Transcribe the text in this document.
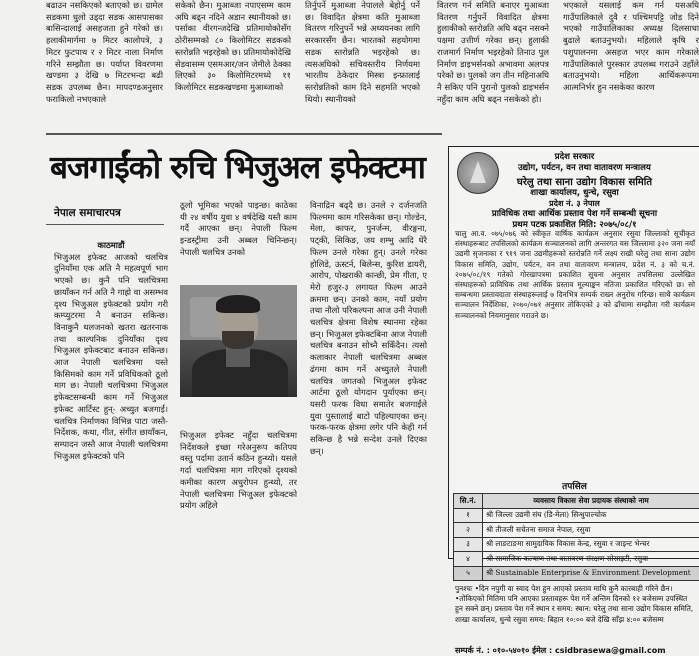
बढाउन नसकिएको बताएको छ। ग्रामेल सडकमा धुलो उड्दा सडक आसपासका बासिन्दालाई असहजता हुने गरेको छ। हलाकीमार्गमा ७ मिटर कालोपत्रे, ३ मिटर फुटपाथ र २ मिटर नाला निर्माण गरिने सम्झौता छ। पर्याप्त विवरणमा खण्डमा ३ देखि ७ मिटरभन्दा बढी सडक उपलब्ध छैन। मापदण्डअनुसार फराकिलो नभएकाले

सकेको छैन। मुआब्जा नपाएसम्म काम अघि बढ्न नदिने अडान स्थानीयको छ। पर्साका वीरगन्जदेखि प्रतिमायोकोसँग ठोरीसम्मको ८० किलोमिटर सडकको स्तरोन्नति भइरहेको छ। प्रतिमायोकोदेखि सेडवासम्म एसमआर/जन जेमीले ठेक्का लिएको ३० किलोमिटरमध्ये ११ किलोमिटर सडकखण्डमा मुआब्जाको

तिर्नुपर्ने मुआब्जा नेपालले बेहोर्नु पर्ने छ। विवादित क्षेत्रमा कति मुआब्जा वितरण गरिनुपर्ने भन्ने अध्ययनका लागि सरकारसँग छैन। भारतको सहयोगमा सडक स्तरोन्नति भइरहेको छ। त्यसअघिको सचिवस्तरीय निर्णयमा भारतीय ठेकेदार मिस्त्रा इन्फ्रालाई स्तरोन्नतिको काम दिने सहमति भएको थियो। स्थानीयको

वितरण गर्न समिति बनाएर मुआब्जा वितरण गर्नुपर्ने विवादित क्षेत्रमा हुलाकीको स्तरोन्नति अघि बढ्न नसक्ने पक्षमा उत्तीर्ण गरेका छन्। हुलाकी राजमार्ग निर्माण भइरहेको तिनाउ पुल निर्माण डाइभर्सनको अभावमा अलपत्र परेको छ। पुलको जग तीन महिनाअघि नै सकिए पनि पुरानो पुलको डाइभर्सन नहुँदा काम अघि बढ्न नसकेको हो।

भएकाले यसलाई कम गर्न यसअघि गाउँपालिकाले दुवै र पश्चिमपट्टि जोड दिने भएको गाउँपालिकाका अध्यक्ष दिलसाधा बुढाले बताउनुभयो। महिलाले कृषि र पशुपालनमा असहज भएर काम गरेकाले गाउँपालिकाले पुरस्कार उपलब्ध गराउने उहाँले बताउनुभयो। महिला आर्थिकरूपमा आत्मनिर्भर हुन नसकेका कारण

बजगाईंको रुचि भिजुअल इफेक्टमा
नेपाल समाचारपत्र

काठमाडौं

भिजुअल इफेक्ट आजको चलचित्र दुनियाँमा एक अति नै महत्वपूर्ण भाग भएको छ। कुनै पनि चलचित्रमा छायाँकन गर्न अति नै गाह्रो वा असम्भव दृश्य भिजुअल इफेक्टको प्रयोग गरी कम्प्युटरमा नै बनाउन सकिन्छ। विनाकुनै थलजनको खतरा खतरनाक तथा काल्पनिक दुनियाँका दृश्य भिजुअल इफेक्टबाट बनाउन सकिन्छ। आज नेपाली चलचित्रमा यस्ते किसिमको काम गर्ने प्रविधिकको ठूलो माग छ। नेपाली चलचित्रमा भिजुअल इफेक्टसम्बन्धी काम गर्ने भिजुअल इफेक्ट आर्टिस्ट हुन्- अच्युत बजगाईं। चलचित्र निर्माणका विभिन्न पाटा जस्तै- निर्देशक, कथा, गीत, संगीत छायाँकन, सम्पादन जस्तै आज नेपाली चलचित्रमा भिजुअल इफेक्टको पनि

ठूलो भूमिका भएको पाइन्छ। काठेका यी २४ वर्षीय युवा ४ वर्षदेखि यस्तै काम गर्दै आएका छन्। नेपाली फिल्म इन्डस्ट्रीमा उनी अब्बल चिनिन्छन्। नेपाली चलचित्र उनको

भिजुअल इफेक्ट नहुँदा चलचित्रमा निर्देशकले इच्छा गरेअनुरूप कतिपय वस्तु पर्दामा उतार्न कठिन हुन्थ्यो। यसले गर्दा चलचित्रमा माग गरिएको दृश्यको कमीका कारण अधुरोपन हुन्थ्यो, तर नेपाली चलचित्रमा भिजुअल इफेक्टको प्रयोग अहिले

विनाद्रिन बढ्दै छ। उनले २ दर्जनजति फिल्ममा काम गरिसकेका छन्। गोल्डेन, मेला, काफर, पुनर्जन्म, वीरङ्गना, पट्की, सिकिङ, जय शम्भु आदि धेरै फिल्म उनले गरेका हुन्। उनले गरेका होलिडे, ऊस्टर्न, बिलेन्स, कुरिश डायरी, आरोप, पोखराकी कान्छी, प्रेम गीता, ए मेरो हजुर-३ लगायत फिल्म आउने क्रममा छन्। उनको काम, नयाँ प्रयोग तथा नौलो परिकल्पना आज उनी नेपाली चलचित्र क्षेत्रमा विशेष स्थानमा रहेका छन्। भिजुअल इफेक्टबिना आज नेपाली चलचित्र बनाउन सोच्नै सकिँदैन। त्यसो कलाकार नेपाली चलचित्रमा अब्बल ढंगमा काम गर्ने अच्युतले नेपाली चलचित्र जगतको भिजुअल इफेक्ट आर्टमा ठूलो योगदान पुर्याएका छन्। यसरी फरक विधा समातेर बजगाईंले युवा पुस्तालाई बाटो पहिल्याएका छन्। फरक-फरक क्षेत्रमा लगेर पनि केही गर्न सकिन्छ है भन्ने सन्देश उनले दिएका छन्।

प्रदेश सरकार
उद्योग, पर्यटन, वन तथा वातावरण मन्त्रालय
घरेलु तथा साना उद्योग विकास समिति
शाखा कार्यालय, धुन्चे, रसुवा
प्रदेश नं. ३ नेपाल
प्राविधिक तथा आर्थिक प्रस्ताव पेश गर्ने सम्बन्धी सूचना
प्रथम पटक प्रकाशित मिति: २०७५/०८/१
चालु आ.व. ०७५/०७६ को स्वीकृत वार्षिक कार्यक्रम अनुसार रसुवा जिल्लाको सूचीकृत संस्थाहरूबाट तपसिलको कार्यक्रम सञ्चालनको लागि अन्तरगत यस जिल्लामा ३२० जना नयाँ उद्यमी सृजनाका र ९१९ जना उद्यमीहरूको स्तरोन्नति गर्ने लक्ष्य राखी घरेलु तथा साना उद्योग विकास समिति, उद्योग, पर्यटन, वन तथा वातावरण मन्त्रालय, प्रदेश नं. ३ को च.नं. २०७५/०८/१९ गतेको गोरखापत्रमा प्रकाशित सूचना अनुसार तपसिलमा उल्लेखित संस्थाहरूको प्राविधिक तथा आर्थिक प्रस्ताव मूल्याङ्कन नतिजा प्रकाशित गरिएको छ। सो सम्बन्धमा प्रस्तावदाता संस्थाहरूलाई ७ दिनभित्र सम्पर्क राख्न अनुरोध गरिन्छ। साथै कार्यक्रम सञ्चालन निर्देशिका, २०७०/०७१ अनुसार तोकिएको ३ को ढाँचामा सम्झौता गरी कार्यक्रम सञ्चालनको नियमानुसार गराउने छ।
तपसिल
सि.नं.	व्यवसाय विकास सेवा प्रदायक संस्थाको नाम
१	श्री जिल्ला उद्यमी संघ (डि-मेला) सिन्धुपाल्चोक
२	श्री तीजली सचेतना समाज नेपाल, रसुवा
३	श्री लाङटाङमा सामुदायिक विकास केन्द्र, रसुवा र जाइन्ट भेन्चर
४	श्री सामाजिक कल्याण तथा वातावरण संरक्षण सोसाइटी, रसुवा
५	श्री Sustainable Enterprise & Environment Development
पुनश्चः •दिन नपुगी वा स्याद पेश हुन आएको प्रस्ताव माथि कुनै कारबाही गरिने छैन। •तोकिएको मितिमा पनि आएका प्रस्तावहरू पेश गर्ने अन्तिम दिनको १२ बजेसम्म उपस्थित हुन सक्ने छन्। प्रस्ताव पेश गर्ने स्थान र समय: स्थान: घरेलु तथा साना उद्योग विकास समिति, शाखा कार्यालय, धुन्चे रसुवा समय: बिहान १०:०० बजे देखि साँझ ४:०० बजेसम्म
सम्पर्क नं. : ०१०-५४०१० ईमेल : csidbrasewa@gmail.com
